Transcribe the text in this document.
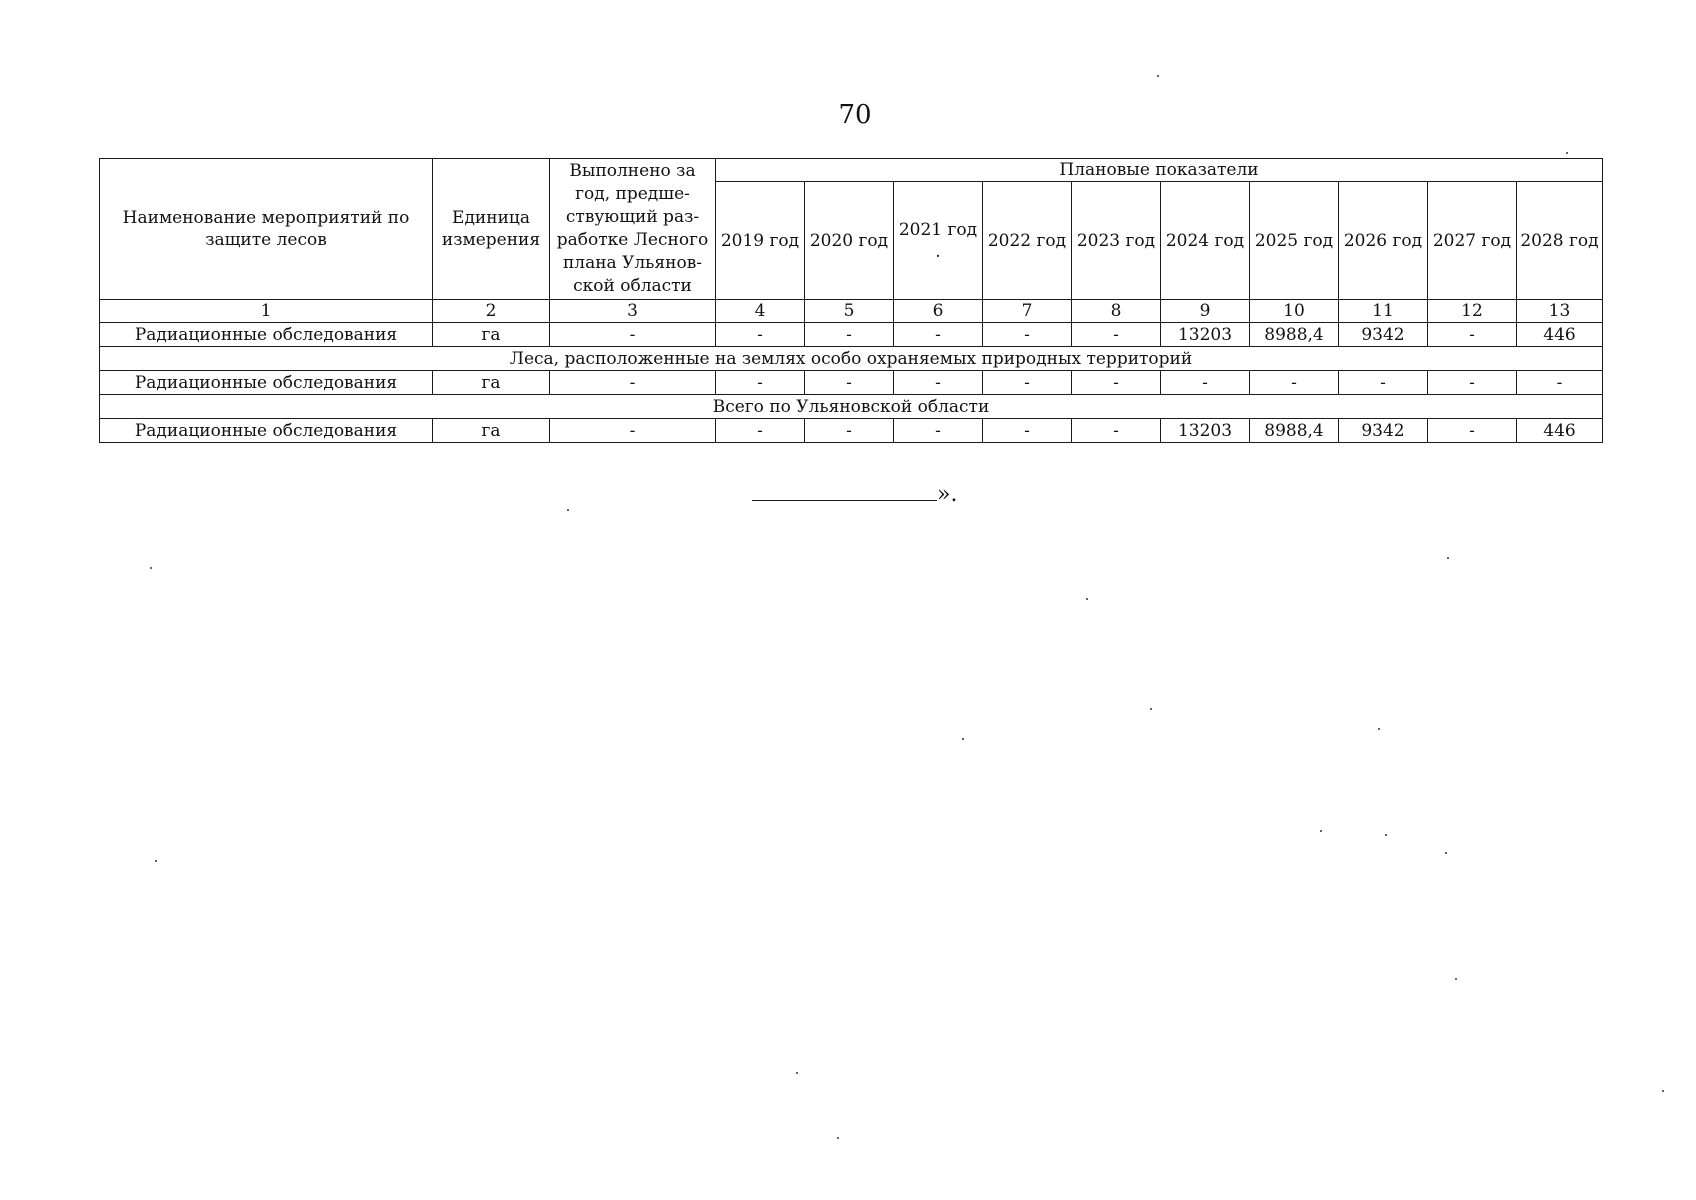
70
Наименование мероприятий по защите лесов	Единица измерения	Выполнено за год, предше-ствующий раз-работке Лесного плана Ульянов-ской области	Плановые показатели									
			2019 год	2020 год	2021 год .	2022 год	2023 год	2024 год	2025 год	2026 год	2027 год	2028 год
1	2	3	4	5	6	7	8	9	10	11	12	13
Радиационные обследования	га	-	-	-	-	-	-	13203	8988,4	9342	-	446
Леса, расположенные на землях особо охраняемых природных территорий												
Радиационные обследования	га	-	-	-	-	-	-	-	-	-	-	-
Всего по Ульяновской области												
Радиационные обследования	га	-	-	-	-	-	-	13203	8988,4	9342	-	446
».
